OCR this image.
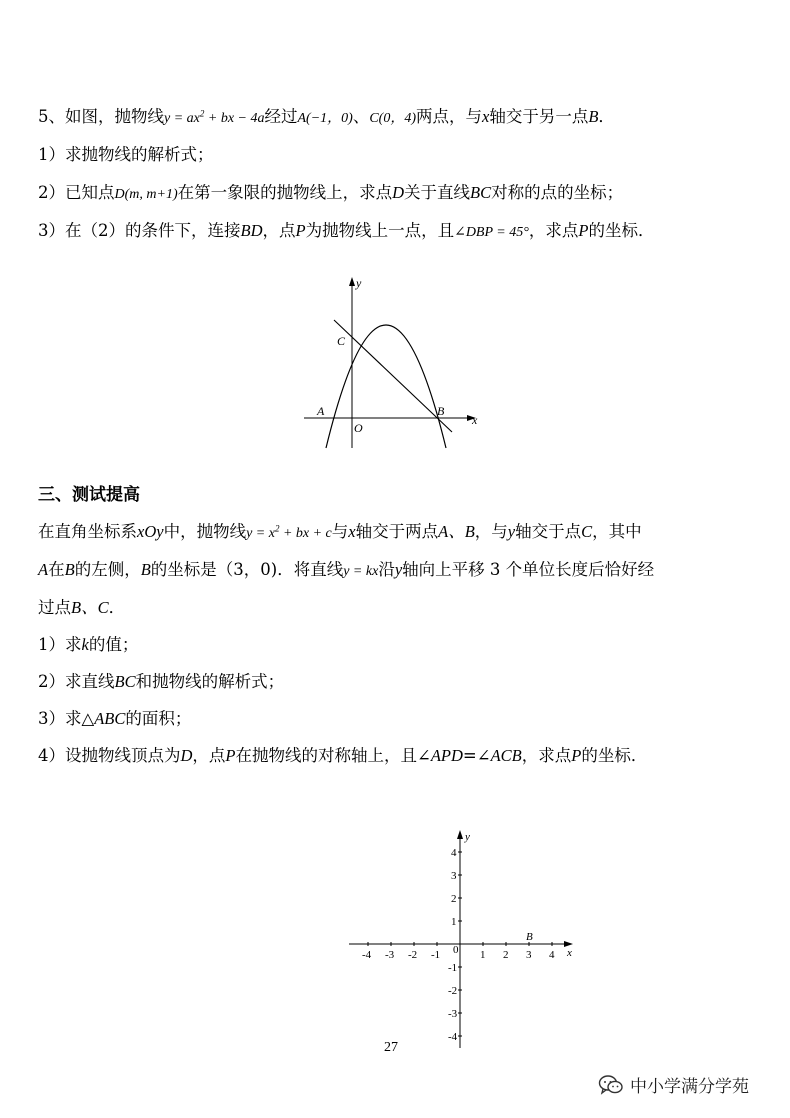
5、如图，抛物线$y = ax^2$ + bx − 4a经过A(−1，0)、C(0，4)两点，与x轴交于另一点B．
1）求抛物线的解析式；
2）已知点D(m, m+1)在第一象限的抛物线上，求点D关于直线BC对称的点的坐标；
3）在（2）的条件下，连接BD，点P为抛物线上一点，且∠DBP = 45°，求点P的坐标．
y
x
C
A	B
O
三、测试提高
在直角坐标系xOy中，抛物线$y = x^2$ + bx + c与x轴交于两点A、B，与y轴交于点C，其中
A在B的左侧，B的坐标是（3，0)．将直线y = kx沿y轴向上平移 3 个单位长度后恰好经
过点B、C．
1）求k的值；
2）求直线BC和抛物线的解析式；
3）求△ABC的面积；
4）设抛物线顶点为D，点P在抛物线的对称轴上，且∠APD=∠ACB，求点P的坐标．
-4 -3 -2 -1	1 2 3 4
4
3
2
1
-1
-2
-3
-4
y
x
0
B
27
中小学满分学苑
